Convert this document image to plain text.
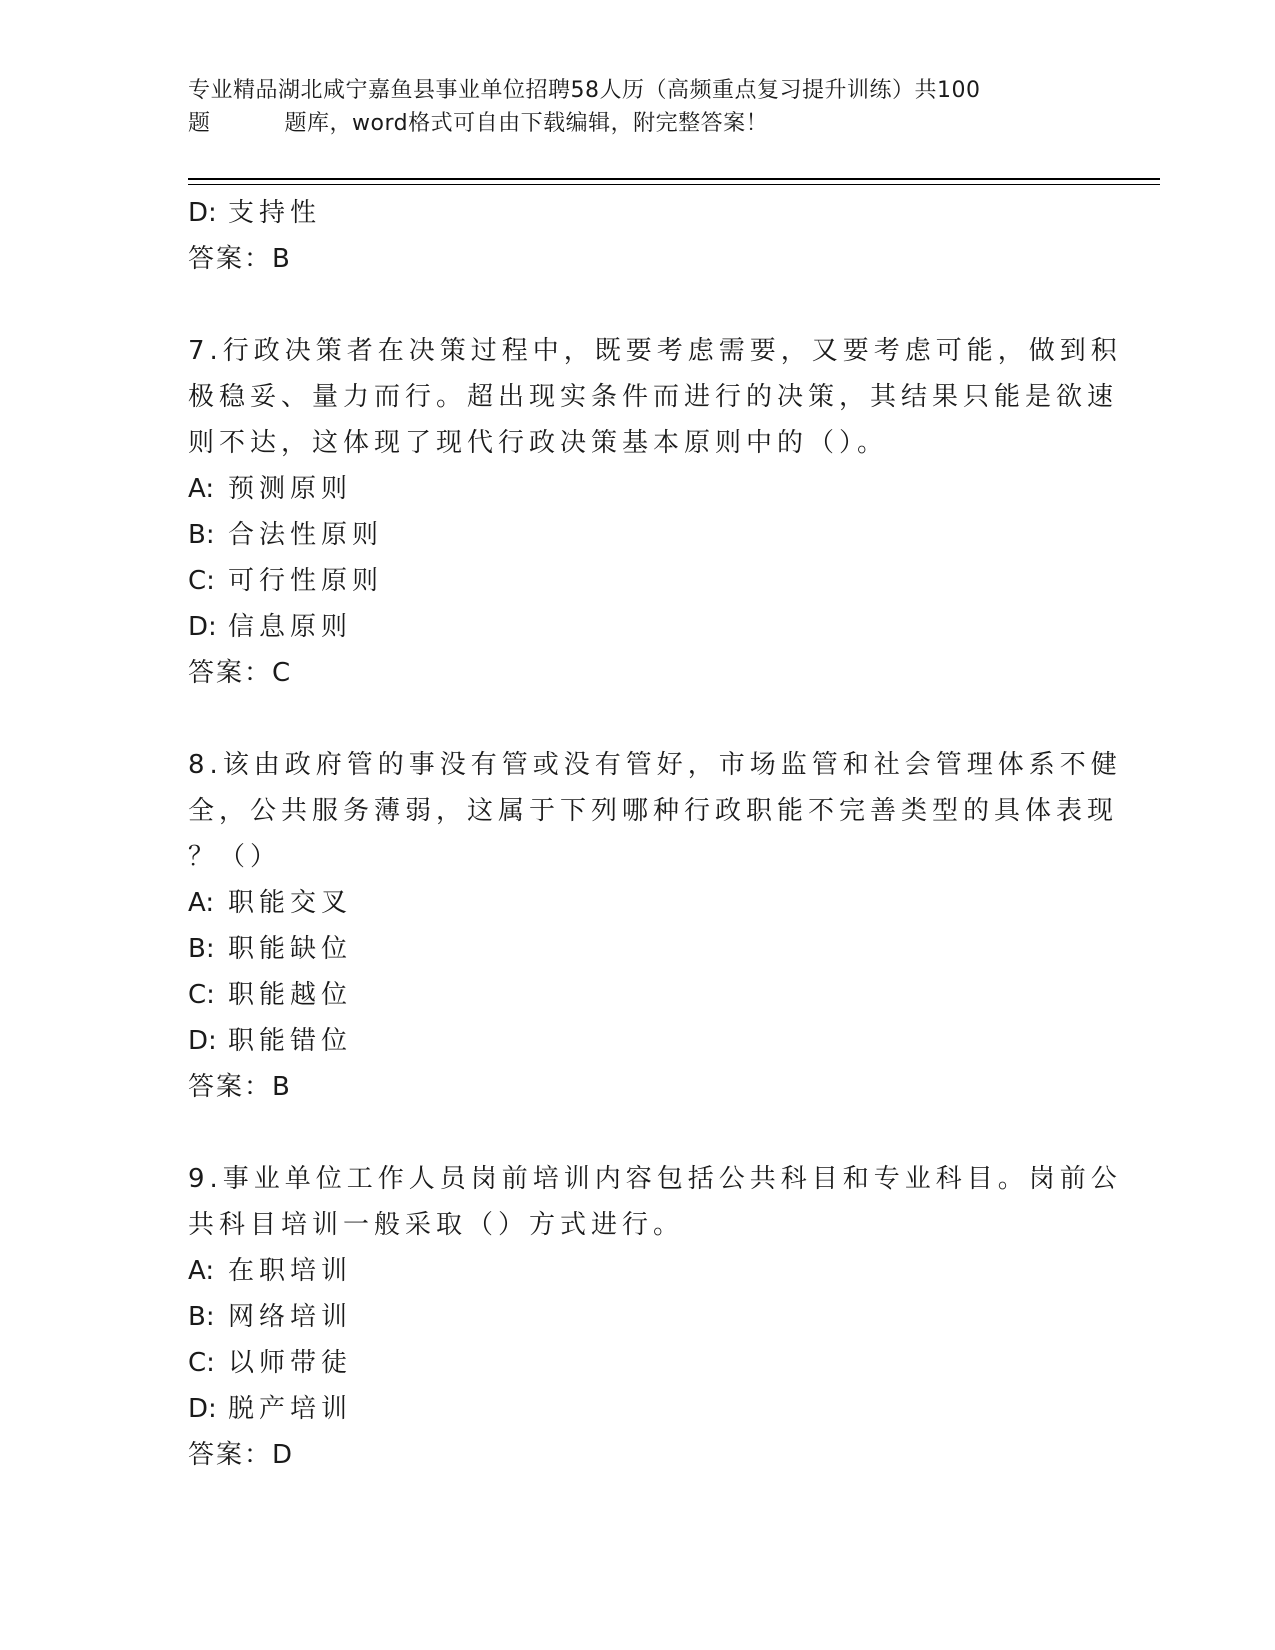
专业精品湖北咸宁嘉鱼县事业单位招聘58人历（高频重点复习提升训练）共100
题	题库，word格式可自由下载编辑，附完整答案！
D: 支持性
答案：B
7.行政决策者在决策过程中，既要考虑需要，又要考虑可能，做到积
极稳妥、量力而行。超出现实条件而进行的决策，其结果只能是欲速
则不达，这体现了现代行政决策基本原则中的（）。
A: 预测原则
B: 合法性原则
C: 可行性原则
D: 信息原则
答案：C
8.该由政府管的事没有管或没有管好，市场监管和社会管理体系不健
全，公共服务薄弱，这属于下列哪种行政职能不完善类型的具体表现
？（）
A: 职能交叉
B: 职能缺位
C: 职能越位
D: 职能错位
答案：B
9.事业单位工作人员岗前培训内容包括公共科目和专业科目。岗前公
共科目培训一般采取（）方式进行。
A: 在职培训
B: 网络培训
C: 以师带徒
D: 脱产培训
答案：D
